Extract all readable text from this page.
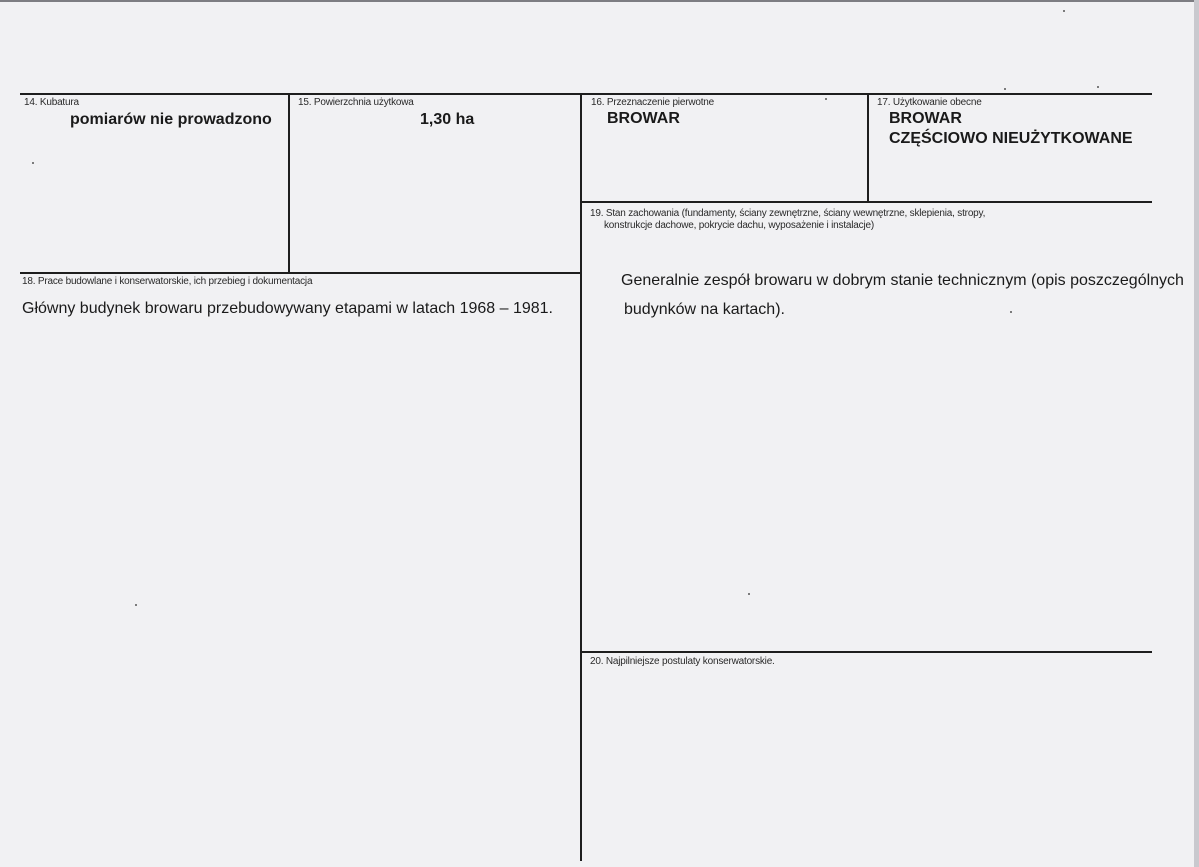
14. Kubatura
pomiarów nie prowadzono
15. Powierzchnia użytkowa
1,30 ha
16. Przeznaczenie pierwotne
BROWAR
17. Użytkowanie obecne
BROWAR
CZĘŚCIOWO NIEUŻYTKOWANE
18. Prace budowlane i konserwatorskie, ich przebieg i dokumentacja
Główny budynek browaru przebudowywany etapami w latach 1968 – 1981.
19. Stan zachowania (fundamenty, ściany zewnętrzne, ściany wewnętrzne, sklepienia, stropy,
konstrukcje dachowe, pokrycie dachu, wyposażenie i instalacje)
Generalnie zespół browaru w dobrym stanie technicznym (opis poszczególnych
budynków na kartach).
20. Najpilniejsze postulaty konserwatorskie.
